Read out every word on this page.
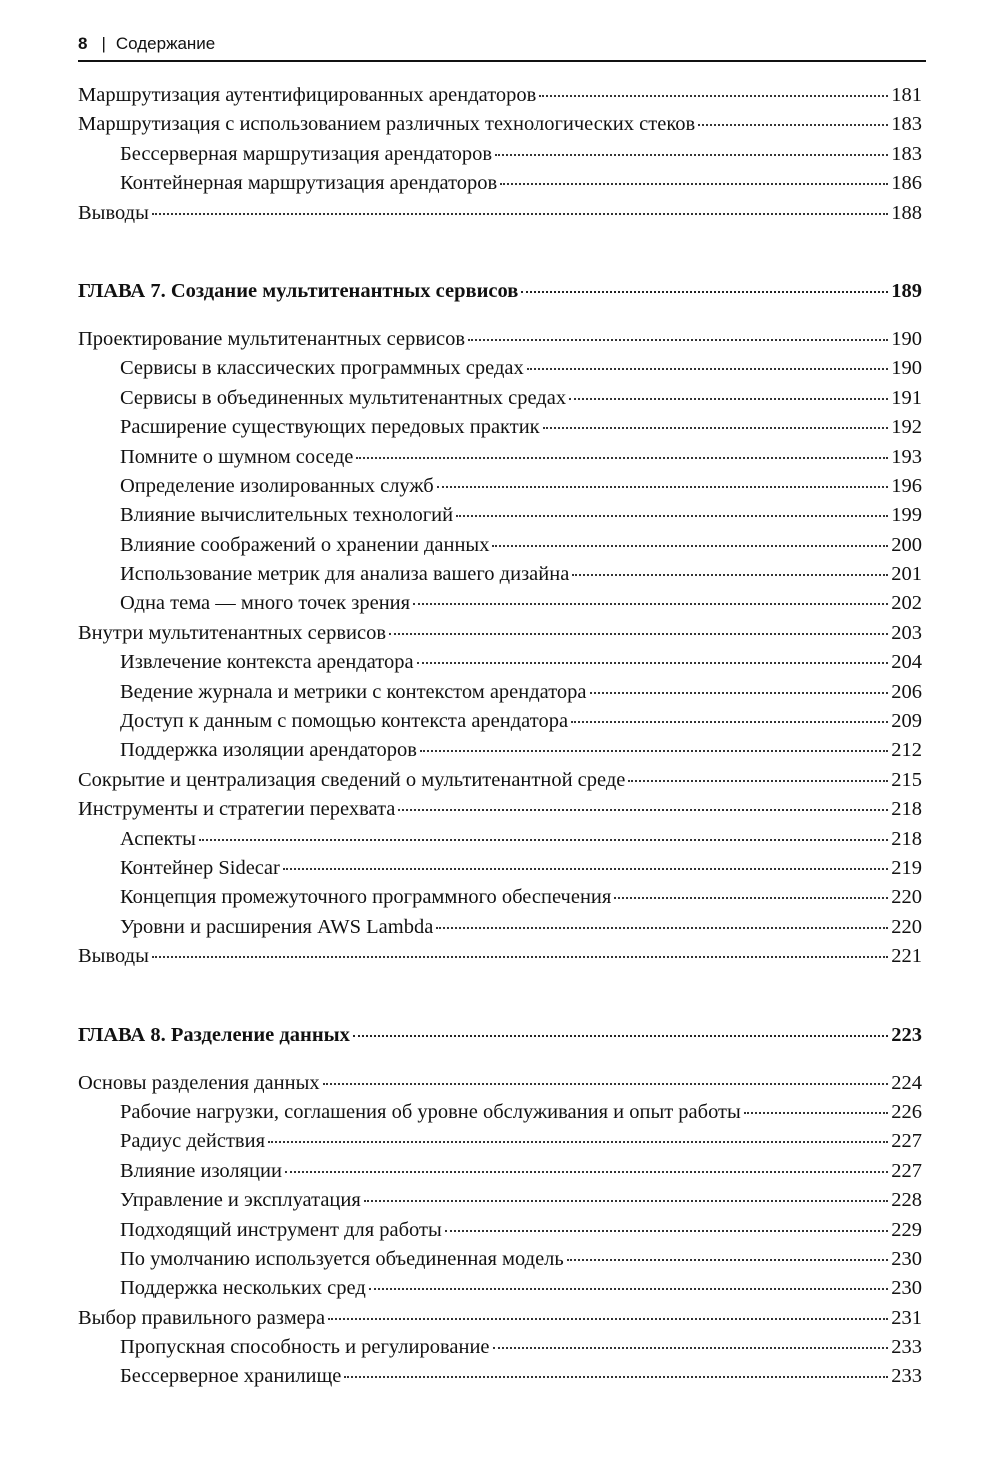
8 | Содержание
Маршрутизация аутентифицированных арендаторов	181
Маршрутизация с использованием различных технологических стеков	183
Бессерверная маршрутизация арендаторов	183
Контейнерная маршрутизация арендаторов	186
Выводы	188
ГЛАВА 7. Создание мультитенантных сервисов	189
Проектирование мультитенантных сервисов	190
Сервисы в классических программных средах	190
Сервисы в объединенных мультитенантных средах	191
Расширение существующих передовых практик	192
Помните о шумном соседе	193
Определение изолированных служб	196
Влияние вычислительных технологий	199
Влияние соображений о хранении данных	200
Использование метрик для анализа вашего дизайна	201
Одна тема — много точек зрения	202
Внутри мультитенантных сервисов	203
Извлечение контекста арендатора	204
Ведение журнала и метрики с контекстом арендатора	206
Доступ к данным с помощью контекста арендатора	209
Поддержка изоляции арендаторов	212
Сокрытие и централизация сведений о мультитенантной среде	215
Инструменты и стратегии перехвата	218
Аспекты	218
Контейнер Sidecar	219
Концепция промежуточного программного обеспечения	220
Уровни и расширения AWS Lambda	220
Выводы	221
ГЛАВА 8. Разделение данных	223
Основы разделения данных	224
Рабочие нагрузки, соглашения об уровне обслуживания и опыт работы	226
Радиус действия	227
Влияние изоляции	227
Управление и эксплуатация	228
Подходящий инструмент для работы	229
По умолчанию используется объединенная модель	230
Поддержка нескольких сред	230
Выбор правильного размера	231
Пропускная способность и регулирование	233
Бессерверное хранилище	233
